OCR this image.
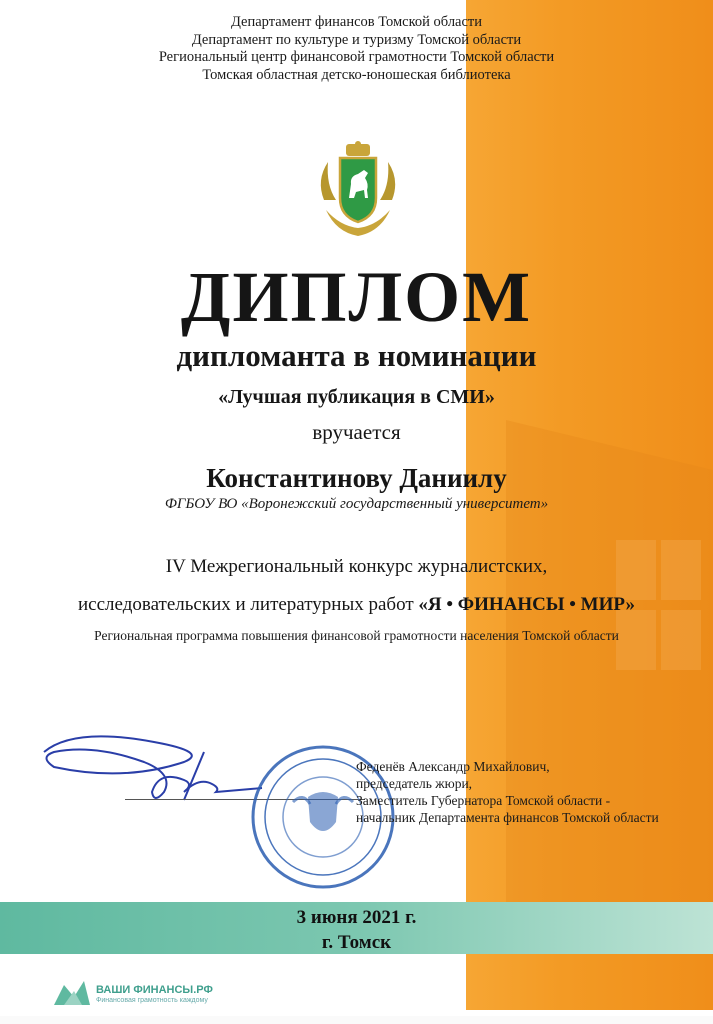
Департамент финансов Томской области
Департамент по культуре и туризму Томской области
Региональный центр финансовой грамотности Томской области
Томская областная детско-юношеская библиотека
ДИПЛОМ
дипломанта в номинации
«Лучшая публикация в СМИ»
вручается
Константинову Даниилу
ФГБОУ ВО «Воронежский государственный университет»
IV Межрегиональный конкурс журналистских,
исследовательских и литературных работ «Я • ФИНАНСЫ • МИР»
Региональная программа повышения финансовой грамотности населения Томской области
Феденёв Александр Михайлович,
председатель жюри,
Заместитель Губернатора Томской области -
начальник Департамента финансов Томской области
3 июня 2021 г.
г. Томск
ВАШИ ФИНАНСЫ.РФ
Финансовая грамотность каждому
